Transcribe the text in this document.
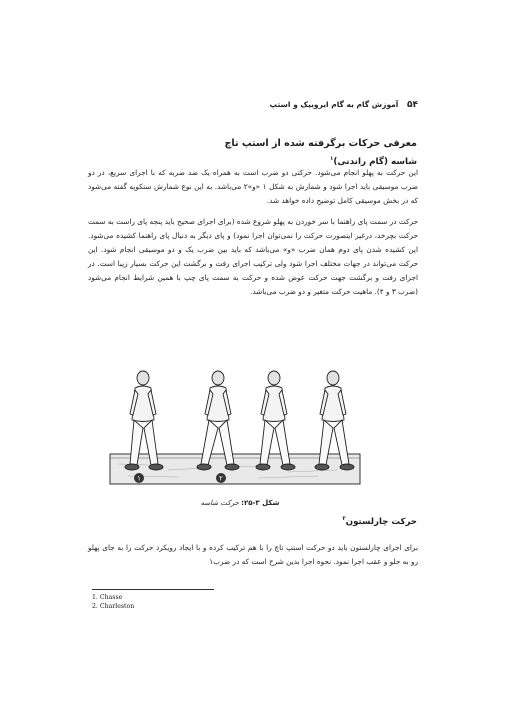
۵۴ آموزش گام به گام ایروبیک و استپ
معرفی حرکات برگرفته شده از استپ تاچ
شاسه (گام راندنی)$^۱$
این حرکت به پهلو انجام می‌شود. حرکتی دو ضرب است به همراه یک ضد ضربه که با اجرای سریع، در دو ضرب موسیقی باید اجرا شود و شمارش به شکل ۱ «و»۲ می‌باشد. به این نوع شمارش سنکوپه گفته می‌شود که در بخش موسیقی کامل توضیح داده خواهد شد.
حرکت در سمت پای راهنما با سر خوردن به پهلو شروع شده (برای اجرای صحیح باید پنجه پای راست به سمت حرکت بچرخد، درغیر اینصورت حرکت را نمی‌توان اجرا نمود) و پای دیگر به دنبال پای راهنما کشیده می‌شود. این کشیده شدن پای دوم همان ضرب «و» می‌باشد که باید بین ضرب یک و دو موسیقی انجام شود. این حرکت می‌تواند در جهات مختلف اجرا شود ولی ترکیب اجرای رفت و برگشت این حرکت بسیار زیبا است. در اجرای رفت و برگشت جهت حرکت عوض شده و حرکت به سمت پای چپ با همین شرایط انجام می‌شود (ضرب ۳ و ۴). ماهیت حرکت متغیر و دو ضرب می‌باشد.
۱	۲
شکل ۳-۲۵: حرکت شاسه
حرکت چارلستون$^۲$
برای اجرای چارلستون باید دو حرکت استپ تاچ را با هم ترکیب کرده و با ایجاد رویکرد حرکت را به جای پهلو رو به جلو و عقب اجرا نمود. نحوه اجرا بدین شرح است که در ضرب۱
1. Chasse
2. Charleston
